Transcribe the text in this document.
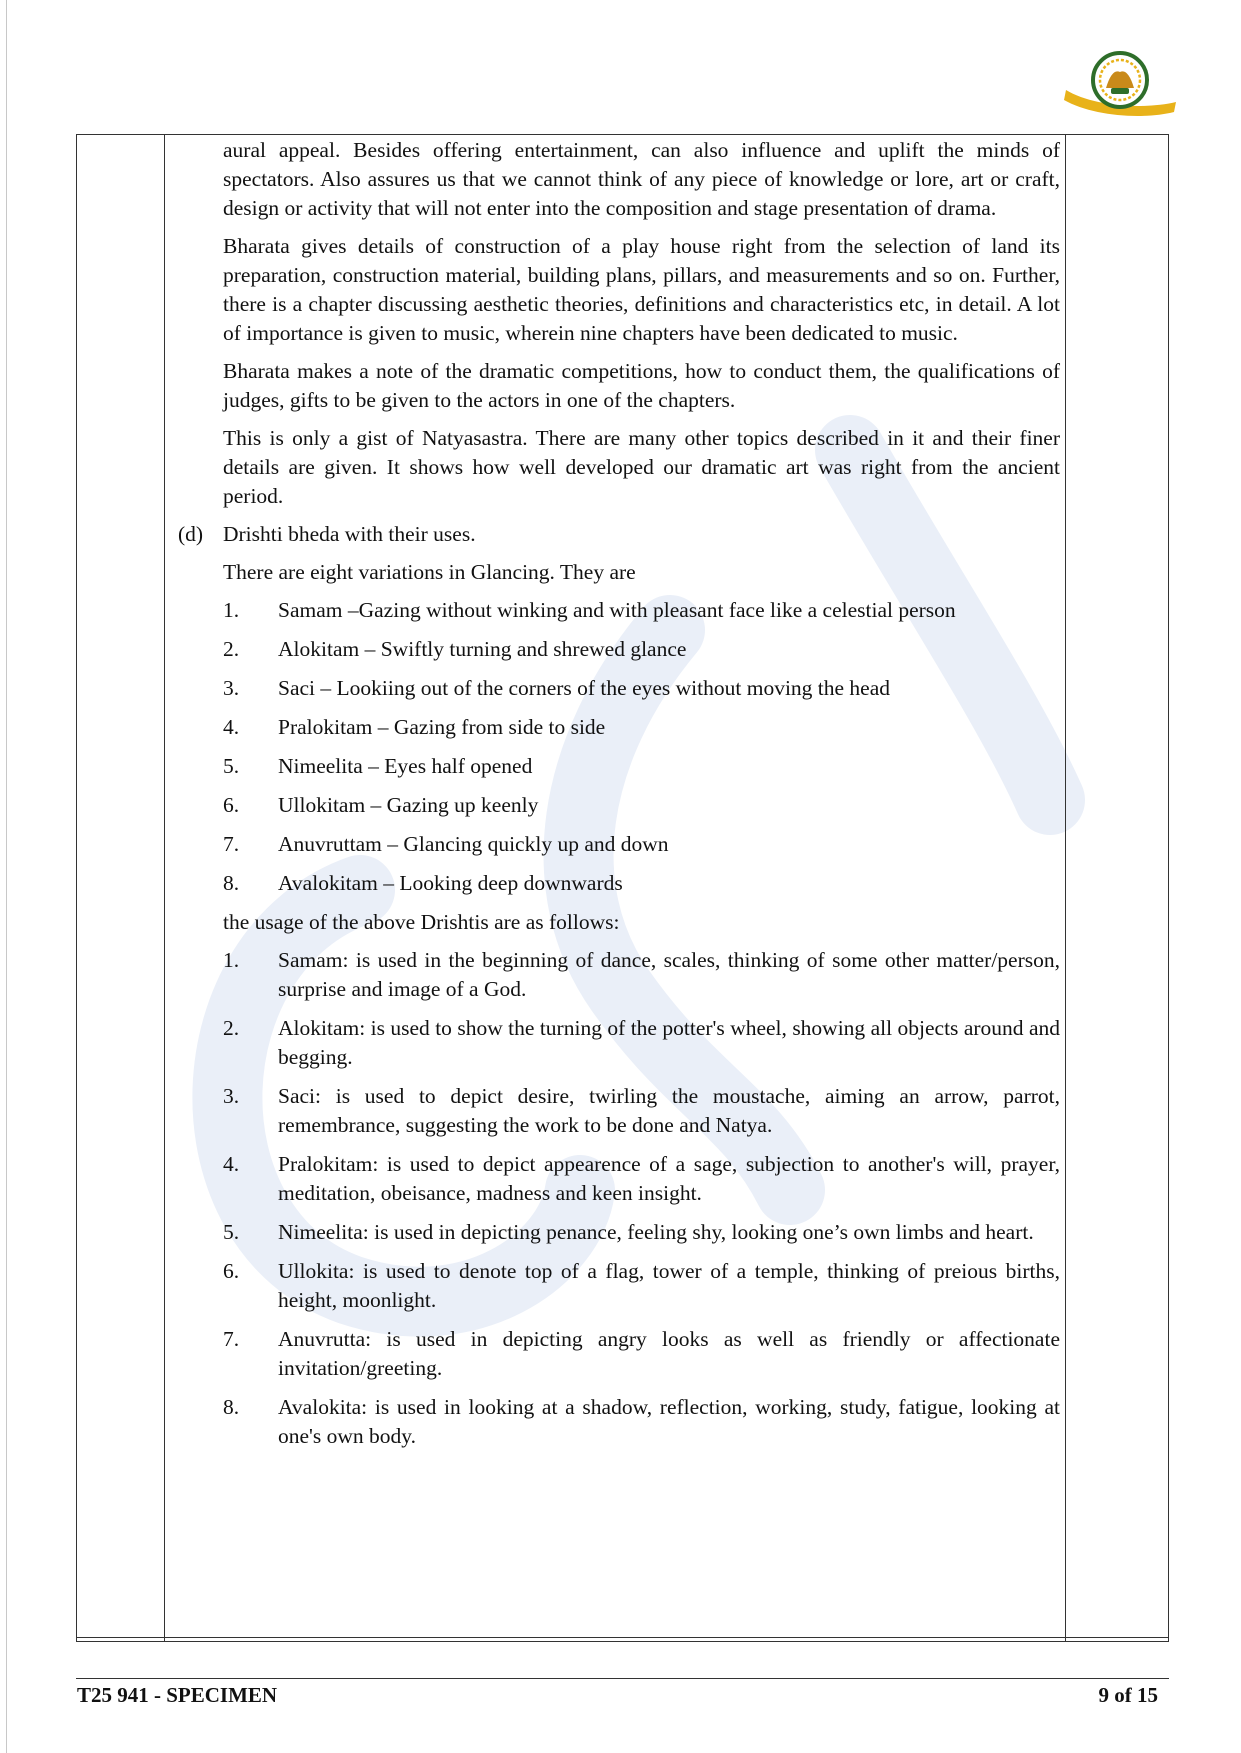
aural appeal. Besides offering entertainment, can also influence and uplift the minds of spectators. Also assures us that we cannot think of any piece of knowledge or lore, art or craft, design or activity that will not enter into the composition and stage presentation of drama.

Bharata gives details of construction of a play house right from the selection of land its preparation, construction material, building plans, pillars, and measurements and so on. Further, there is a chapter discussing aesthetic theories, definitions and characteristics etc, in detail. A lot of importance is given to music, wherein nine chapters have been dedicated to music.

Bharata makes a note of the dramatic competitions, how to conduct them, the qualifications of judges, gifts to be given to the actors in one of the chapters.

This is only a gist of Natyasastra. There are many other topics described in it and their finer details are given. It shows how well developed our dramatic art was right from the ancient period.

(d) Drishti bheda with their uses.

There are eight variations in Glancing. They are

1.	Samam –Gazing without winking and with pleasant face like a celestial person
2.	Alokitam – Swiftly turning and shrewed glance
3.	Saci – Lookiing out of the corners of the eyes without moving the head
4.	Pralokitam – Gazing from side to side
5.	Nimeelita – Eyes half opened
6.	Ullokitam – Gazing up keenly
7.	Anuvruttam – Glancing quickly up and down
8.	Avalokitam – Looking deep downwards

the usage of the above Drishtis are as follows:

1.	Samam: is used in the beginning of dance, scales, thinking of some other matter/person, surprise and image of a God.
2.	Alokitam: is used to show the turning of the potter's wheel, showing all objects around and begging.
3.	Saci: is used to depict desire, twirling the moustache, aiming an arrow, parrot, remembrance, suggesting the work to be done and Natya.
4.	Pralokitam: is used to depict appearence of a sage, subjection to another's will, prayer, meditation, obeisance, madness and keen insight.
5.	Nimeelita: is used in depicting penance, feeling shy, looking one’s own limbs and heart.
6.	Ullokita: is used to denote top of a flag, tower of a temple, thinking of preious births, height, moonlight.
7.	Anuvrutta: is used in depicting angry looks as well as friendly or affectionate invitation/greeting.
8.	Avalokita: is used in looking at a shadow, reflection, working, study, fatigue, looking at one's own body.
T25 941 - SPECIMEN	9 of 15
